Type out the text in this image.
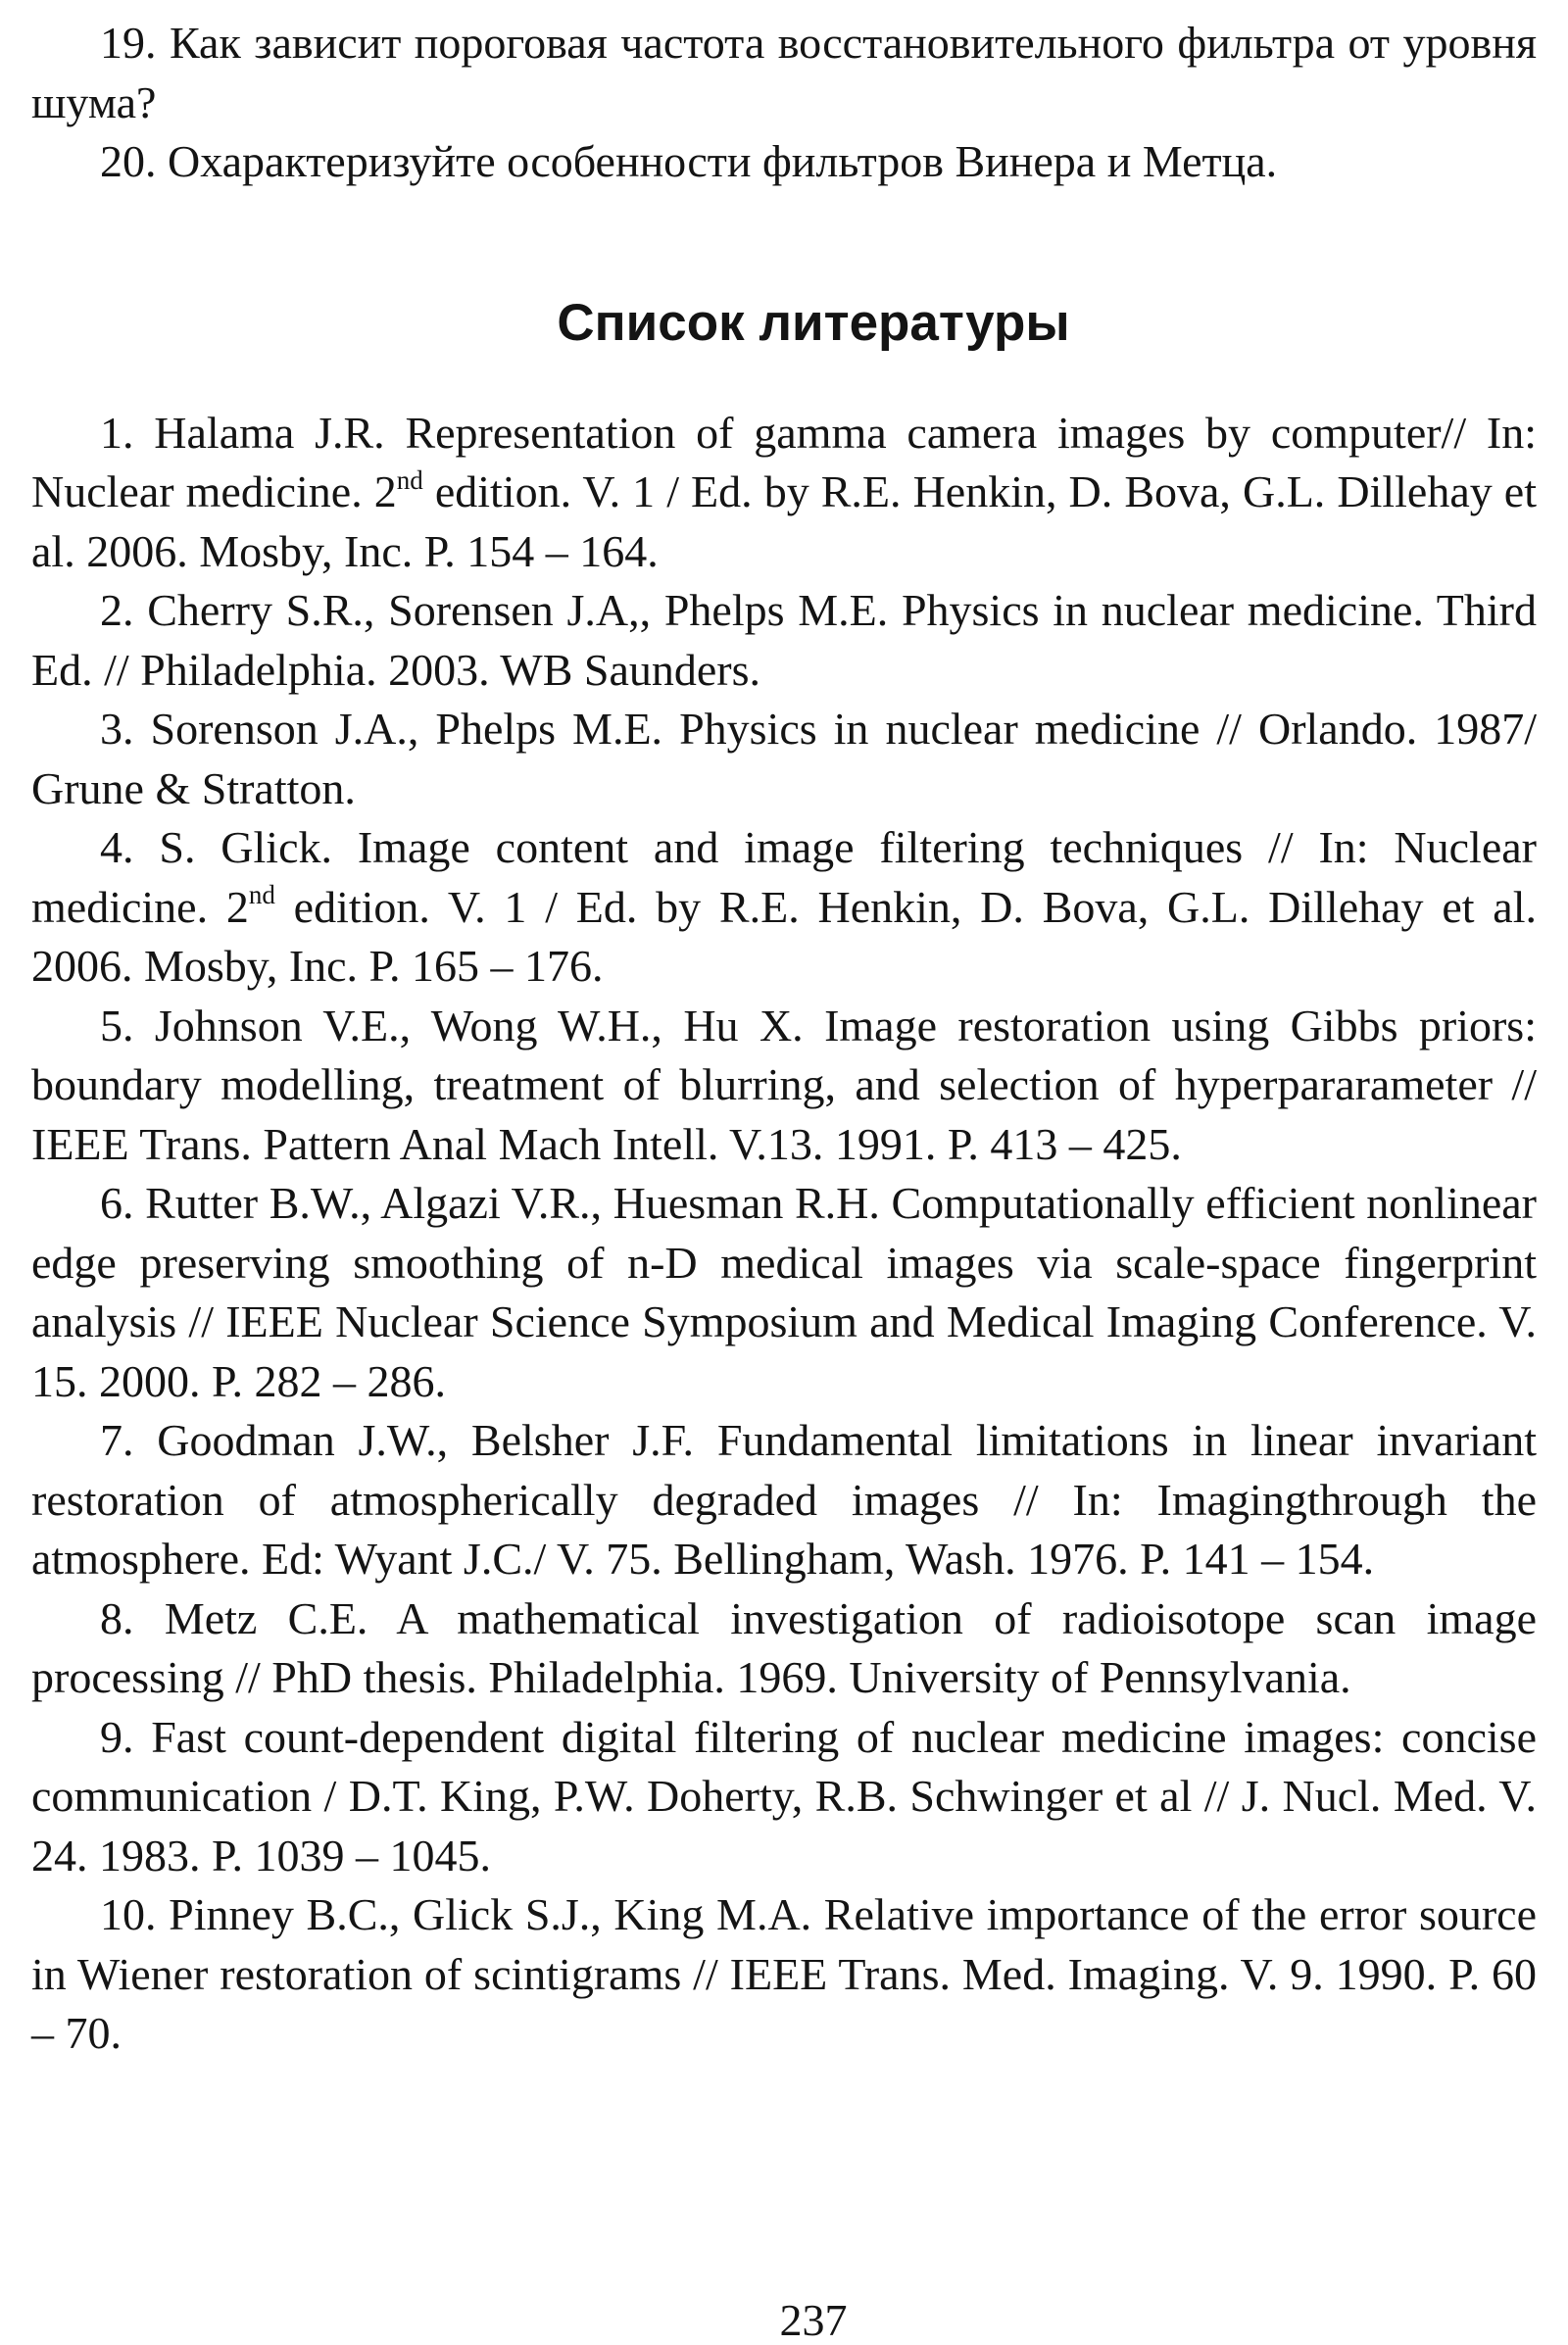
19. Как зависит пороговая частота восстановительного фильтра от уровня шума?

20. Охарактеризуйте особенности фильтров Винера и Метца.

Список литературы

1. Halama J.R. Representation of gamma camera images by computer// In: Nuclear medicine. 2nd edition. V. 1 / Ed. by R.E. Henkin, D. Bova, G.L. Dillehay et al. 2006. Mosby, Inc. P. 154 – 164.

2. Cherry S.R., Sorensen J.A,, Phelps M.E. Physics in nuclear medicine. Third Ed. // Philadelphia. 2003. WB Saunders.

3. Sorenson J.A., Phelps M.E. Physics in nuclear medicine // Orlando. 1987/ Grune & Stratton.

4. S. Glick. Image content and image filtering techniques // In: Nuclear medicine. 2nd edition. V. 1 / Ed. by R.E. Henkin, D. Bova, G.L. Dillehay et al. 2006. Mosby, Inc. P. 165 – 176.

5. Johnson V.E., Wong W.H., Hu X. Image restoration using Gibbs priors: boundary modelling, treatment of blurring, and selection of hyperpararameter // IEEE Trans. Pattern Anal Mach Intell. V.13. 1991. P. 413 – 425.

6. Rutter B.W., Algazi V.R., Huesman R.H. Computationally efficient nonlinear edge preserving smoothing of n-D medical images via scale-space fingerprint analysis // IEEE Nuclear Science Symposium and Medical Imaging Conference. V. 15. 2000. P. 282 – 286.

7. Goodman J.W., Belsher J.F. Fundamental limitations in linear invariant restoration of atmospherically degraded images // In: Imagingthrough the atmosphere. Ed: Wyant J.C./ V. 75. Bellingham, Wash. 1976. P. 141 – 154.

8. Metz C.E. A mathematical investigation of radioisotope scan image processing // PhD thesis. Philadelphia. 1969. University of Pennsylvania.

9. Fast count-dependent digital filtering of nuclear medicine images: concise communication / D.T. King, P.W. Doherty, R.B. Schwinger et al // J. Nucl. Med. V. 24. 1983. P. 1039 – 1045.

10. Pinney B.C., Glick S.J., King M.A. Relative importance of the error source in Wiener restoration of scintigrams // IEEE Trans. Med. Imaging. V. 9. 1990. P. 60 – 70.

237
